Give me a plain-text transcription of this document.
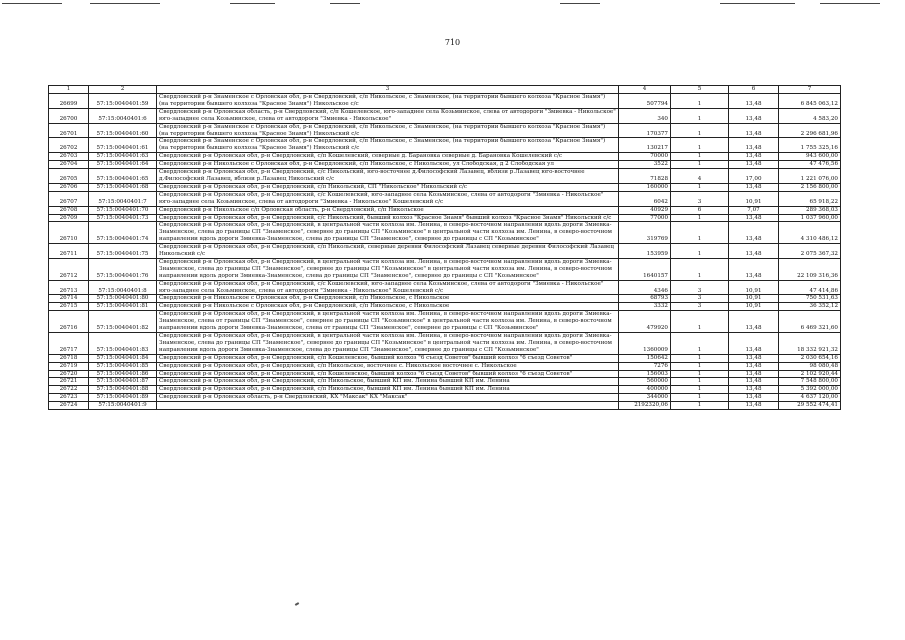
710
1	2	3	4	5	6	7
26699	57:15:0040401:59	Свердловский р-н Знаменское с Орловская обл, р-н Свердловский, с/п Никольское, с Знаменское, (на территории бывшего колхоза "Красное Знамя") (на территории бывшего колхоза "Красное Знамя") Никольское с/с	507794	1	13,48	6 845 063,12
26700	57:15:0040401:6	Свердловский р-н Орловская область, р-н Свердловский, с/п Кошелевское, юго-западнее села Козьминское, слева от автодороги "Змиевка - Никольское" юго-западнее села Козьминское, слева от автодороги "Змиевка - Никольское"	340	1	13,48	4 583,20
26701	57:15:0040401:60	Свердловский р-н Знаменское с Орловская обл, р-н Свердловский, с/п Никольское, с Знаменское, (на территории бывшего колхоза "Красное Знамя") (на территории бывшего колхоза "Красное Знамя") Никольский с/с	170377	1	13,48	2 296 681,96
26702	57:15:0040401:61	Свердловский р-н Знаменское с Орловская обл, р-н Свердловский, с/п Никольское, с Знаменское, (на территории бывшего колхоза "Красное Знамя") (на территории бывшего колхоза "Красное Знамя") Никольский с/с	130217	1	13,48	1 755 325,16
26703	57:15:0040401:63	Свердловский р-н Орловская обл, р-н Свердловский, с/п Кошелевский, северные д. Барановка северные д. Барановка Кошелевский с/с	70000	1	13,48	943 600,00
26704	57:15:0040401:64	Свердловский р-н Никольское с Орловская обл, р-н Свердловский, с/п Никольское, с Никольское, ул Слободская, д 2 Слободская ул	3522	1	13,48	47 476,56
26705	57:15:0040401:65	Свердловский р-н Орловская обл, р-н Свердловский, с/с Никольский, юго-восточнее д.Философский Лазавец, вблизи р.Лазавец юго-восточнее д.Философский Лазавец, вблизи р.Лазавец Никольский с/с	71828	4	17,00	1 221 076,00
26706	57:15:0040401:68	Свердловский р-н Орловская обл, р-н Свердловский, с/п Никольский, СП "Никольское" Никольский с/с	160000	1	13,48	2 156 800,00
26707	57:15:0040401:7	Свердловский р-н Орловская обл, р-н Свердловский, с/с Кошелевский, юго-западнее села Козьминское, слева от автодороги "Змиевка - Никольское" юго-западнее села Козьминское, слева от автодороги "Змиевка - Никольское" Кошелевский с/с	6042	3	10,91	65 918,22
26708	57:15:0040401:70	Свердловский р-н Никольское с/п Орловская область, р-н Свердловский, с/п Никольское	40929	6	7,07	289 368,03
26709	57:15:0040401:73	Свердловский р-н Орловская обл, р-н Свердловский, с/с Никольский, бывший колхоз "Красное Знамя" бывший колхоз "Красное Знамя" Никольский с/с	77000	1	13,48	1 037 960,00
26710	57:15:0040401:74	Свердловский р-н Орловская обл, р-н Свердловский, в центральной части колхоза им. Ленина, в северо-восточном направлении вдоль дороги Змиевка-Знаменское, слева до границы СП "Знаменское", севернее до границы СП "Козьминское" в центральной части колхоза им. Ленина, в северо-восточном направлении вдоль дороги Змиевка-Знаменское, слева до границы СП "Знаменское", севернее до границы с СП "Козьминское"	319769	1	13,48	4 310 486,12
26711	57:15:0040401:75	Свердловский р-н Орловская обл, р-н Свердловский, с/п Никольский, северные деревни Философский Лазавец северные деревни Философский Лазавец Никольский с/с	153959	1	13,48	2 075 367,32
26712	57:15:0040401:76	Свердловский р-н Орловская обл, р-н Свердловский, в центральной части колхоза им. Ленина, в северо-восточном направлении вдоль дороги Змиевка-Знаменское, слева до границы СП "Знаменское", севернее до границы СП "Козьминское" в центральной части колхоза им. Ленина, в северо-восточном направлении вдоль дороги Змиевка-Знаменское, слева до границы СП "Знаменское", севернее до границы с СП "Козьминское"	1640157	1	13,48	22 109 316,36
26713	57:15:0040401:8	Свердловский р-н Орловская обл, р-н Свердловский, с/с Кошелевский, юго-западнее села Козьминское, слева от автодороги "Змиевка - Никольское" юго-западнее села Козьминское, слева от автодороги "Змиевка - Никольское" Кошелевский с/с	4346	3	10,91	47 414,86
26714	57:15:0040401:80	Свердловский р-н Никольское с Орловская обл, р-н Свердловский, с/п Никольское, с Никольское	68793	3	10,91	750 531,63
26715	57:15:0040401:81	Свердловский р-н Никольское с Орловская обл, р-н Свердловский, с/п Никольское, с Никольское	3332	3	10,91	36 352,12
26716	57:15:0040401:82	Свердловский р-н Орловская обл, р-н Свердловский, в центральной части колхоза им. Ленина, в северо-восточном направлении вдоль дороги Змиевка-Знаменское, слева от границы СП "Знаменское", севернее до границы СП "Козьминское" в центральной части колхоза им. Ленина, в северо-восточном направлении вдоль дороги Змиевка-Знаменское, слева от границы СП "Знаменское", севернее до границы с СП "Козьминское"	479920	1	13,48	6 469 321,60
26717	57:15:0040401:83	Свердловский р-н Орловская обл, р-н Свердловский, в центральной части колхоза им. Ленина, в северо-восточном направлении вдоль дороги Змиевка-Знаменское, слева до границы СП "Знаменское", севернее до границы СП "Козьминское" в центральной части колхоза им. Ленина, в северо-восточном направлении вдоль дороги Змиевка-Знаменское, слева до границы СП "Знаменское", севернее до границы с СП "Козьминское"	1360009	1	13,48	18 332 921,32
26718	57:15:0040401:84	Свердловский р-н Орловская обл, р-н Свердловский, с/п Кошелевское, бывший колхоз "6 съезд Советов" бывший колхоз "6 съезд Советов"	150642	1	13,48	2 030 654,16
26719	57:15:0040401:85	Свердловский р-н Орловская обл, р-н Свердловский, с/п Никольское, восточнее с. Никольское восточнее с. Никольское	7276	1	13,48	98 080,48
26720	57:15:0040401:86	Свердловский р-н Орловская обл, р-н Свердловский, с/п Кошелевское, бывший колхоз "6 съезд Советов" бывший колхоз "6 съезд Советов"	156003	1	13,48	2 102 920,44
26721	57:15:0040401:87	Свердловский р-н Орловская обл, р-н Свердловский, с/п Никольское, бывший КП им. Ленина бывший КП им. Ленина	560000	1	13,48	7 548 800,00
26722	57:15:0040401:88	Свердловский р-н Орловская обл, р-н Свердловский, с/п Никольское, бывший КП им. Ленина бывший КП им. Ленина	400000	1	13,48	5 392 000,00
26723	57:15:0040401:89	Свердловский р-н Орловская область, р-н Свердловский, КХ "Максак" КХ "Максак"	344000	1	13,48	4 637 120,00
26724	57:15:0040401:9		2192320,06	1	13,48	29 552 474,41
